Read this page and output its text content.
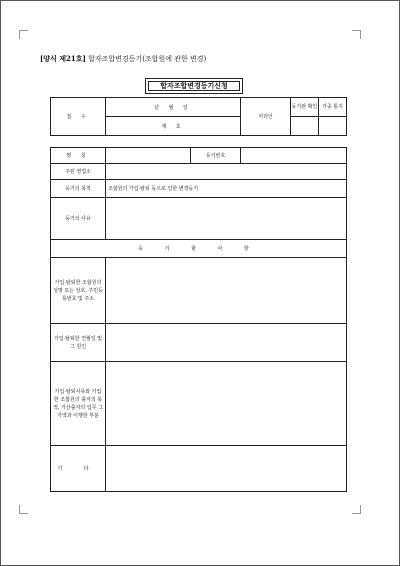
[양식 제21호] 합자조합변경등기(조합원에 관한 변경)
합자조합변경등기신청
접 수	년 월 일	처리인	등기관 확인 각종 통지

	제 호		
명 칭		등기번호	
주된 영업소			
등기의 목적	조합원의 가입·탈퇴 등으로 인한 변경등기		
등기의 사유			
등 기 할 사 항			
가입·탈퇴한 조합원의 성명 또는 상호, 주민등록번호 및 주소			
가입·탈퇴한 연월일 및 그 원인			
가입·탈퇴사유와 가입한 조합원의 출자의 목적, 가산출자의 업무 그 가액과 이행한 부분			
기 타			
